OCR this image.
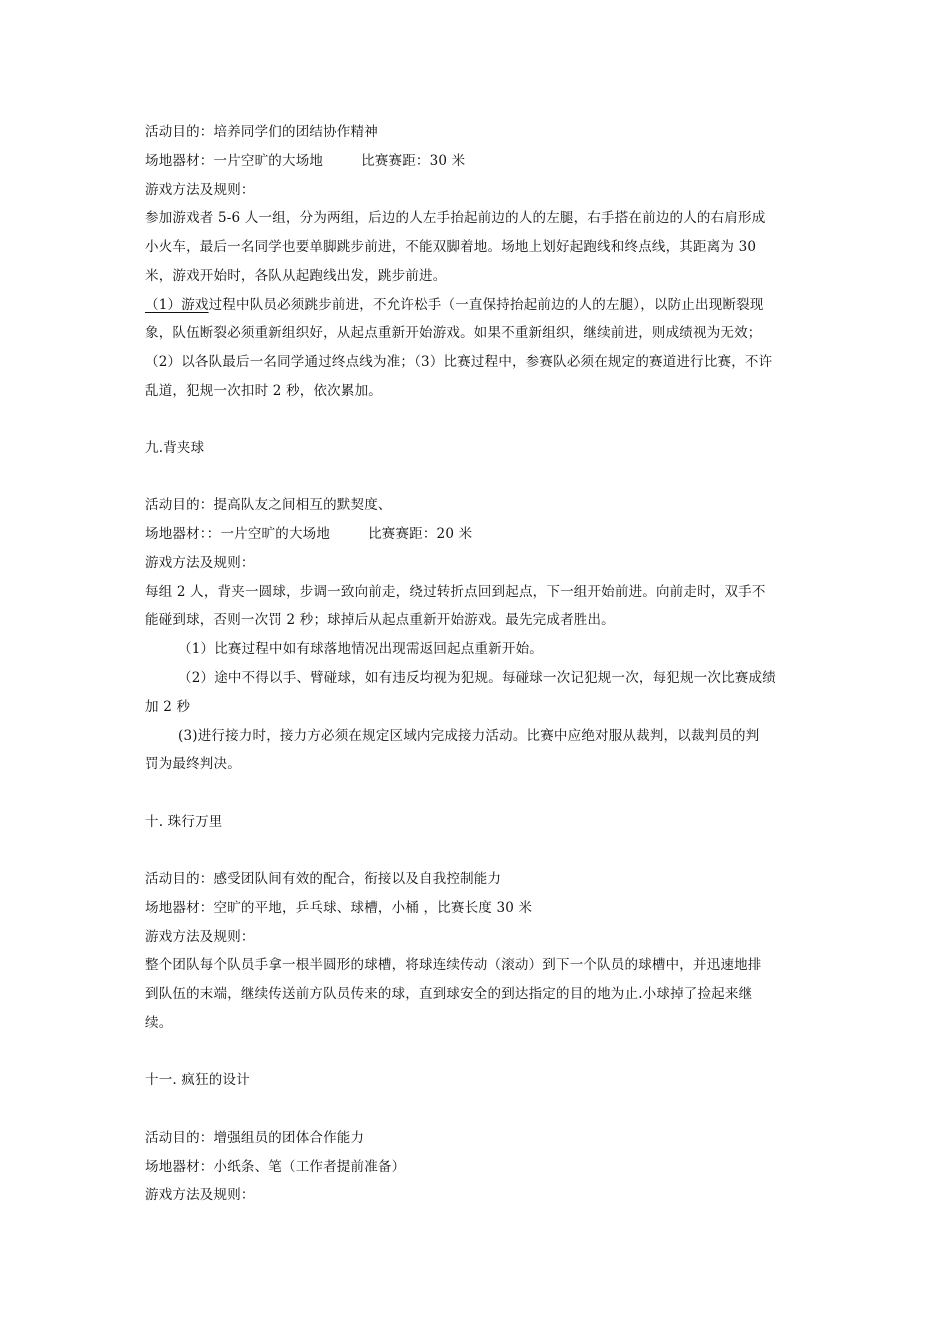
活动目的：培养同学们的团结协作精神
场地器材：一片空旷的大场地	比赛赛距：30 米
游戏方法及规则：
参加游戏者 5-6 人一组，分为两组，后边的人左手抬起前边的人的左腿，右手搭在前边的人的右肩形成
小火车，最后一名同学也要单脚跳步前进，不能双脚着地。场地上划好起跑线和终点线，其距离为 30
米，游戏开始时，各队从起跑线出发，跳步前进。
（1）游戏过程中队员必须跳步前进，不允许松手（一直保持抬起前边的人的左腿），以防止出现断裂现
象，队伍断裂必须重新组织好，从起点重新开始游戏。如果不重新组织，继续前进，则成绩视为无效；
（2）以各队最后一名同学通过终点线为准；（3）比赛过程中，参赛队必须在规定的赛道进行比赛，不许
乱道，犯规一次扣时 2 秒，依次累加。
九.背夹球
活动目的：提高队友之间相互的默契度、
场地器材：：一片空旷的大场地	比赛赛距：20 米
游戏方法及规则：
每组 2 人，背夹一圆球，步调一致向前走，绕过转折点回到起点，下一组开始前进。向前走时，双手不
能碰到球，否则一次罚 2 秒；球掉后从起点重新开始游戏。最先完成者胜出。
（1）比赛过程中如有球落地情况出现需返回起点重新开始。
（2）途中不得以手、臂碰球，如有违反均视为犯规。每碰球一次记犯规一次，每犯规一次比赛成绩
加 2 秒
(3)进行接力时，接力方必须在规定区域内完成接力活动。比赛中应绝对服从裁判，以裁判员的判
罚为最终判决。
十. 珠行万里
活动目的：感受团队间有效的配合，衔接以及自我控制能力
场地器材：空旷的平地，乒乓球、球槽，小桶 ，比赛长度 30 米
游戏方法及规则：
整个团队每个队员手拿一根半圆形的球槽，将球连续传动（滚动）到下一个队员的球槽中，并迅速地排
到队伍的末端，继续传送前方队员传来的球，直到球安全的到达指定的目的地为止.小球掉了捡起来继
续。
十一. 疯狂的设计
活动目的：增强组员的团体合作能力
场地器材：小纸条、笔（工作者提前准备）
游戏方法及规则：
